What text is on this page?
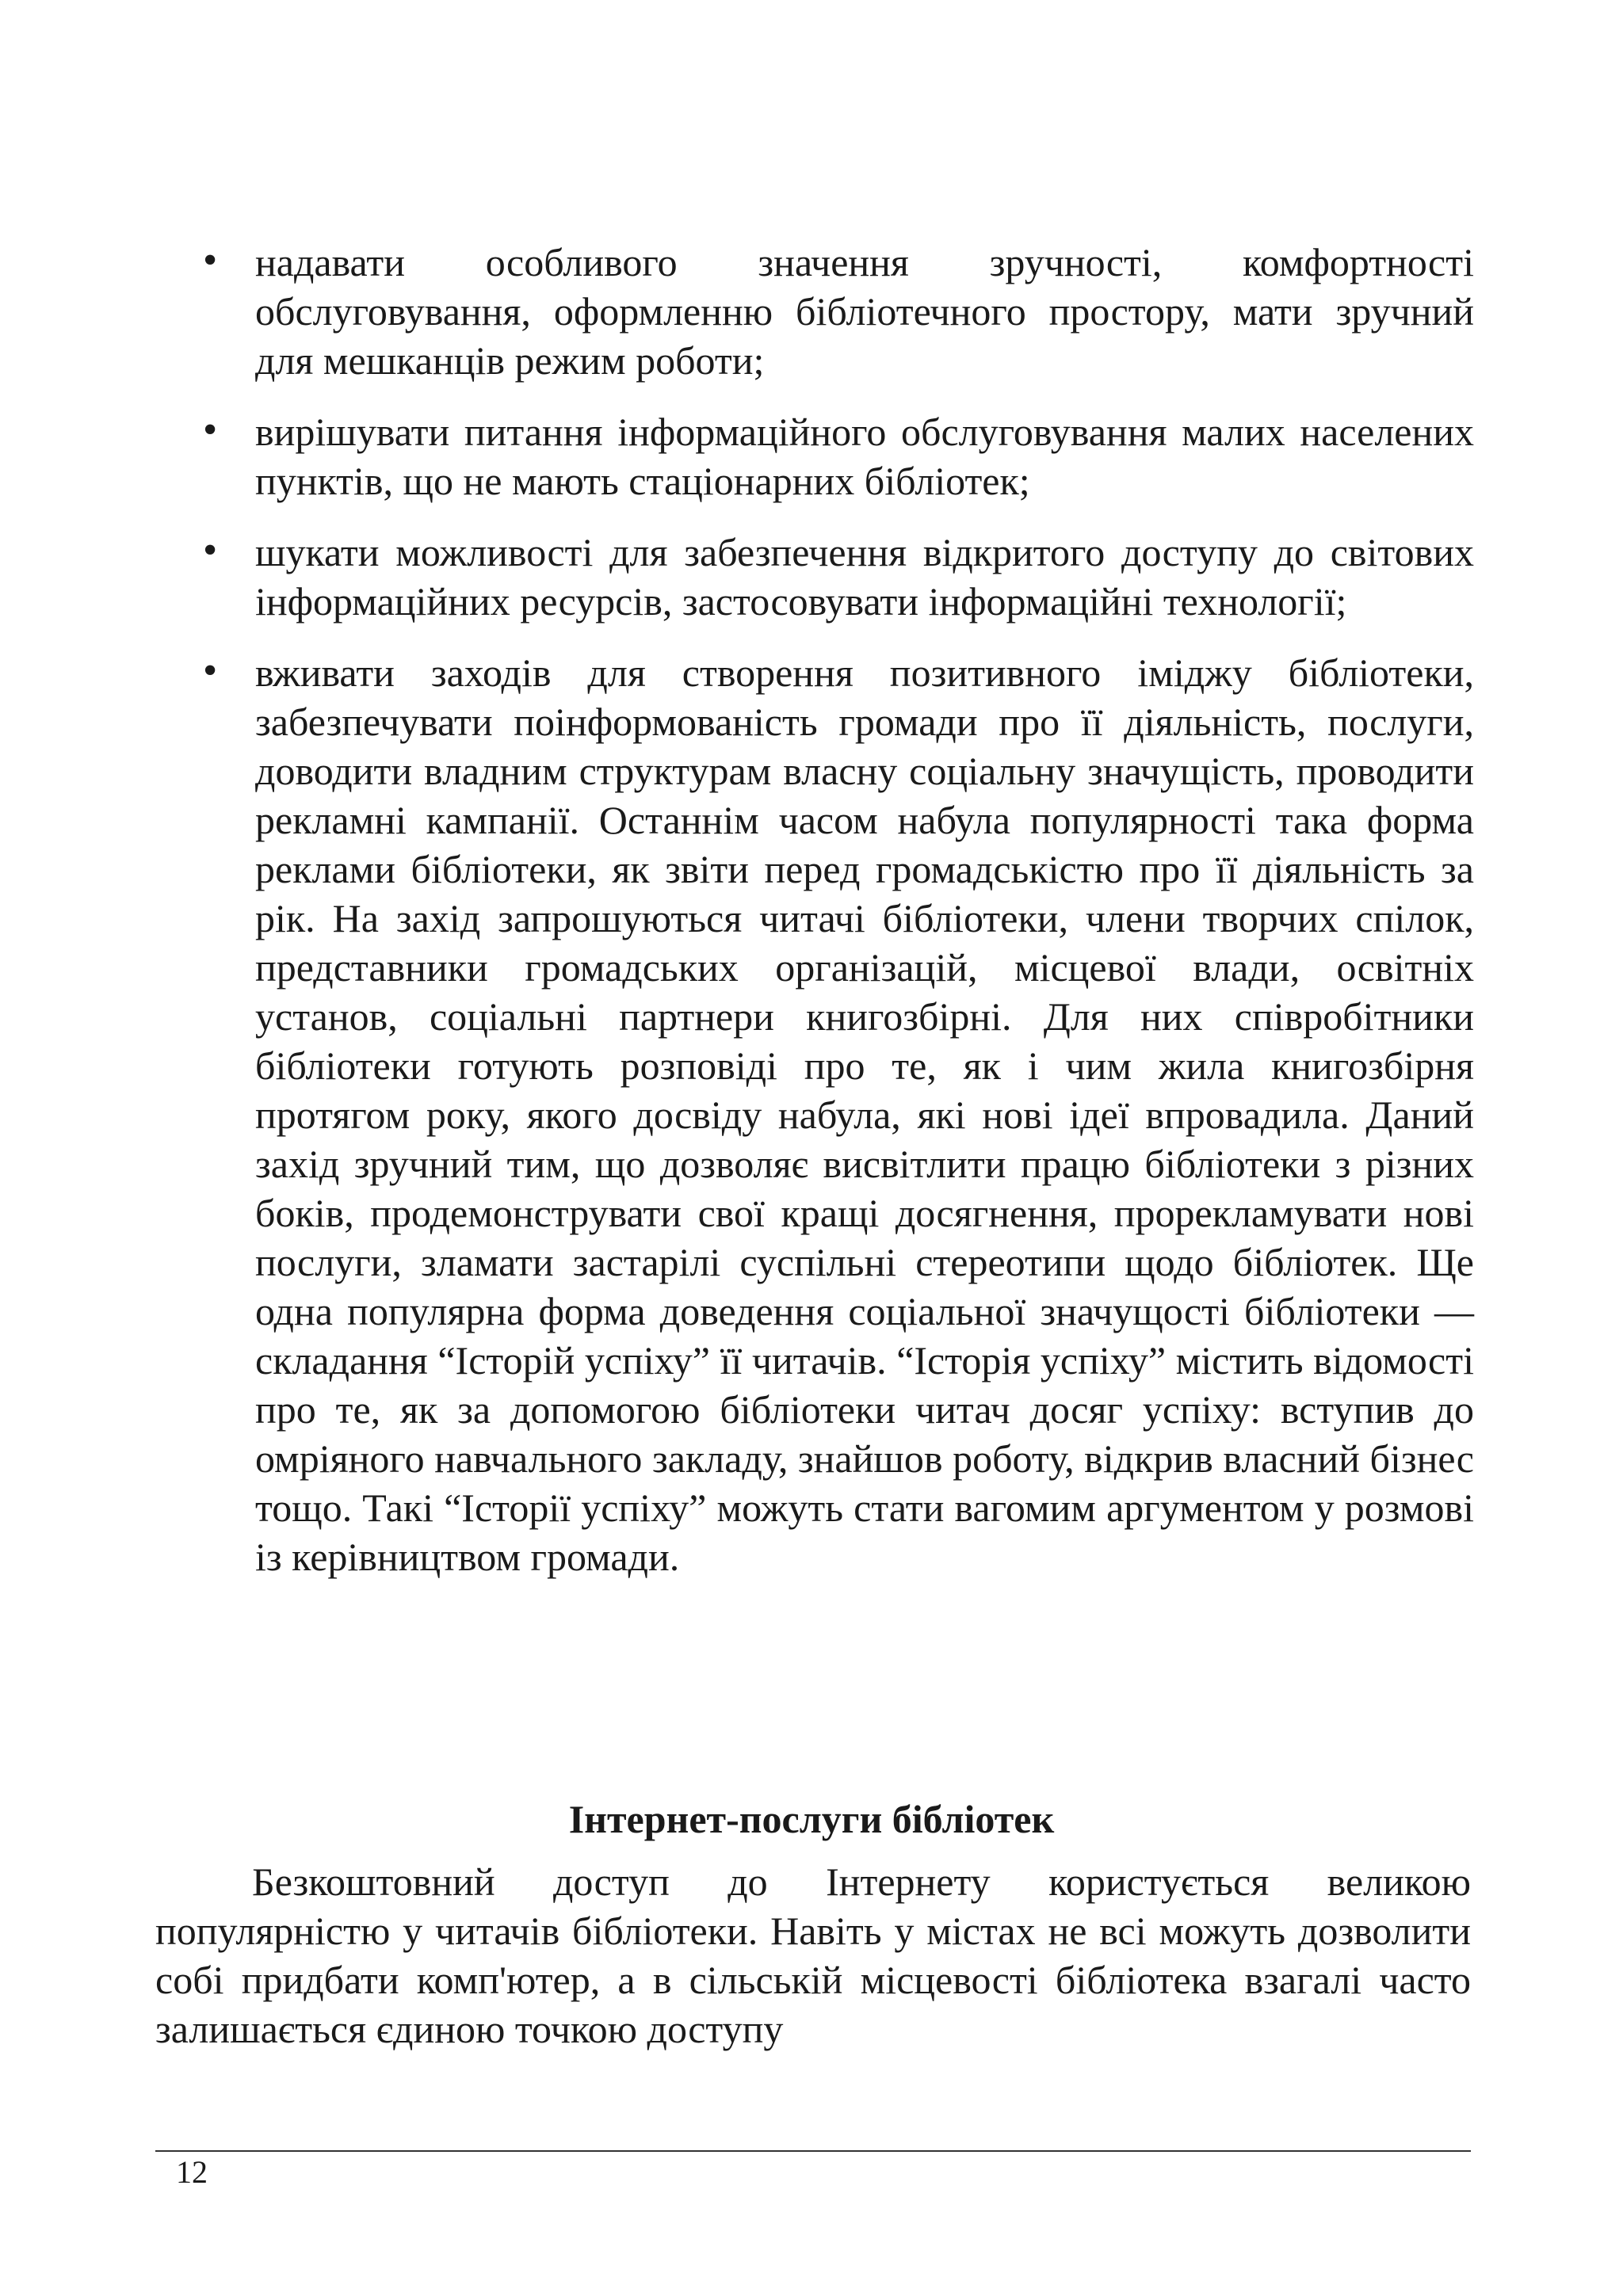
• надавати особливого значення зручності, комфортності обслуговування, оформленню бібліотечного простору, мати зручний для мешканців режим роботи;
• вирішувати питання інформаційного обслуговування малих населених пунктів, що не мають стаціонарних бібліотек;
• шукати можливості для забезпечення відкритого доступу до світових інформаційних ресурсів, застосовувати інформаційні технології;
• вживати заходів для створення позитивного іміджу бібліотеки, забезпечувати поінформованість громади про її діяльність, послуги, доводити владним структурам власну соціальну значущість, проводити рекламні кампанії. Останнім часом набула популярності така форма реклами бібліотеки, як звіти перед громадськістю про її діяльність за рік. На захід запрошуються читачі бібліотеки, члени творчих спілок, представники громадських організацій, місцевої влади, освітніх установ, соціальні партнери книгозбірні. Для них співробітники бібліотеки готують розповіді про те, як і чим жила книгозбірня протягом року, якого досвіду набула, які нові ідеї впровадила. Даний захід зручний тим, що дозволяє висвітлити працю бібліотеки з різних боків, продемонструвати свої кращі досягнення, прорекламувати нові послуги, зламати застарілі суспільні стереотипи щодо бібліотек. Ще одна популярна форма доведення соціальної значущості бібліотеки — складання “Історій успіху” її читачів. “Історія успіху” містить відомості про те, як за допомогою бібліотеки читач досяг успіху: вступив до омріяного навчального закладу, знайшов роботу, відкрив власний бізнес тощо. Такі “Історії успіху” можуть стати вагомим аргументом у розмові із керівництвом громади.
Інтернет-послуги бібліотек

Безкоштовний доступ до Інтернету користується великою популярністю у читачів бібліотеки. Навіть у містах не всі можуть дозволити собі придбати комп'ютер, а в сільській місцевості бібліотека взагалі часто залишається єдиною точкою доступу

12
